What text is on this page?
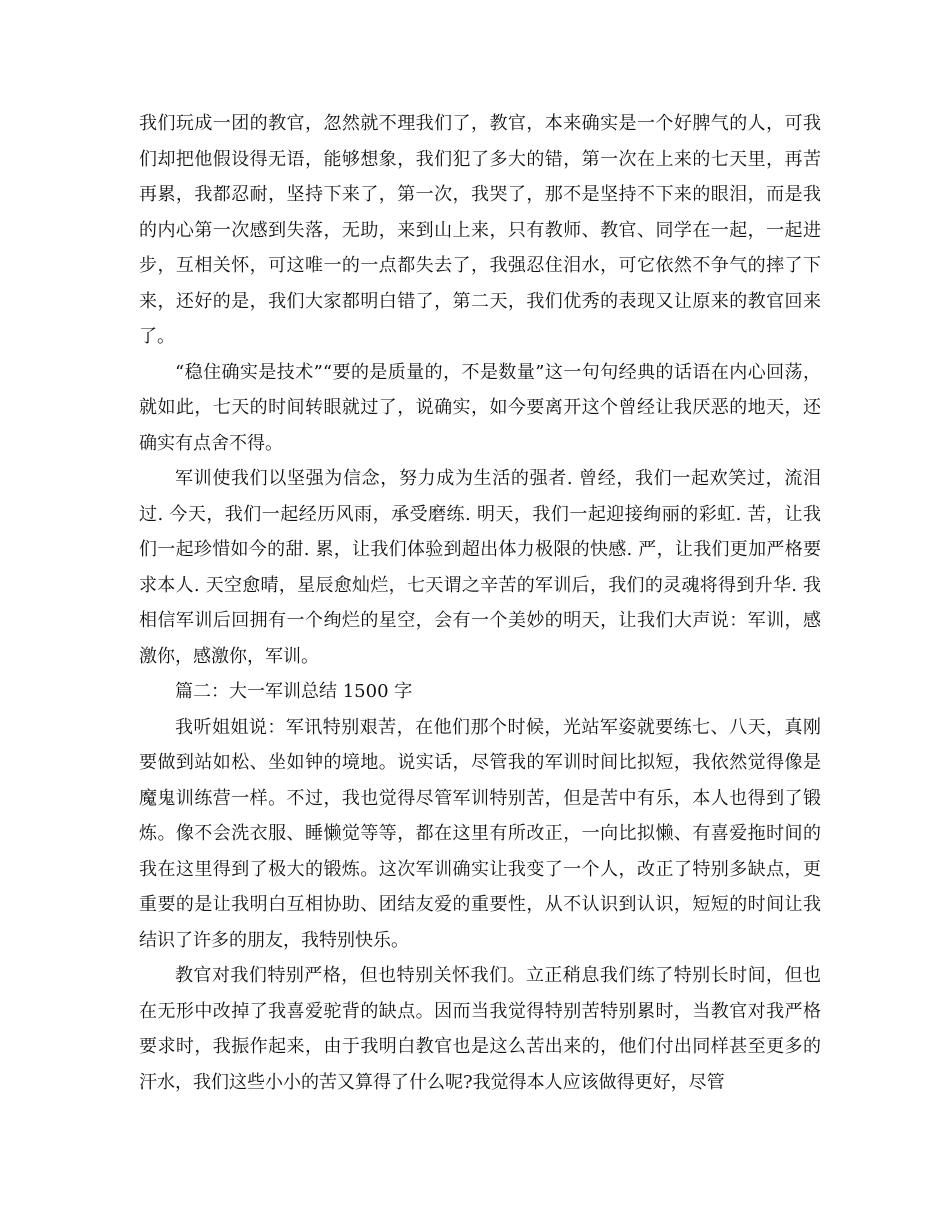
我们玩成一团的教官，忽然就不理我们了，教官，本来确实是一个好脾气的人，可我们却把他假设得无语，能够想象，我们犯了多大的错，第一次在上来的七天里，再苦再累，我都忍耐，坚持下来了，第一次，我哭了，那不是坚持不下来的眼泪，而是我的内心第一次感到失落，无助，来到山上来，只有教师、教官、同学在一起，一起进步，互相关怀，可这唯一的一点都失去了，我强忍住泪水，可它依然不争气的摔了下来，还好的是，我们大家都明白错了，第二天，我们优秀的表现又让原来的教官回来了。

“稳住确实是技术”“要的是质量的，不是数量”这一句句经典的话语在内心回荡，就如此，七天的时间转眼就过了，说确实，如今要离开这个曾经让我厌恶的地天，还确实有点舍不得。

军训使我们以坚强为信念，努力成为生活的强者. 曾经，我们一起欢笑过，流泪过. 今天，我们一起经历风雨，承受磨练. 明天，我们一起迎接绚丽的彩虹. 苦，让我们一起珍惜如今的甜. 累，让我们体验到超出体力极限的快感. 严，让我们更加严格要求本人. 天空愈晴，星辰愈灿烂，七天谓之辛苦的军训后，我们的灵魂将得到升华. 我相信军训后回拥有一个绚烂的星空，会有一个美妙的明天，让我们大声说：军训，感激你，感激你，军训。

篇二：大一军训总结 1500 字

我听姐姐说：军讯特别艰苦，在他们那个时候，光站军姿就要练七、八天，真刚要做到站如松、坐如钟的境地。说实话，尽管我的军训时间比拟短，我依然觉得像是魔鬼训练营一样。不过，我也觉得尽管军训特别苦，但是苦中有乐，本人也得到了锻炼。像不会洗衣服、睡懒觉等等，都在这里有所改正，一向比拟懒、有喜爱拖时间的我在这里得到了极大的锻炼。这次军训确实让我变了一个人，改正了特别多缺点，更重要的是让我明白互相协助、团结友爱的重要性，从不认识到认识，短短的时间让我结识了许多的朋友，我特别快乐。

教官对我们特别严格，但也特别关怀我们。立正稍息我们练了特别长时间，但也在无形中改掉了我喜爱驼背的缺点。因而当我觉得特别苦特别累时，当教官对我严格要求时，我振作起来，由于我明白教官也是这么苦出来的，他们付出同样甚至更多的汗水，我们这些小小的苦又算得了什么呢?我觉得本人应该做得更好，尽管
